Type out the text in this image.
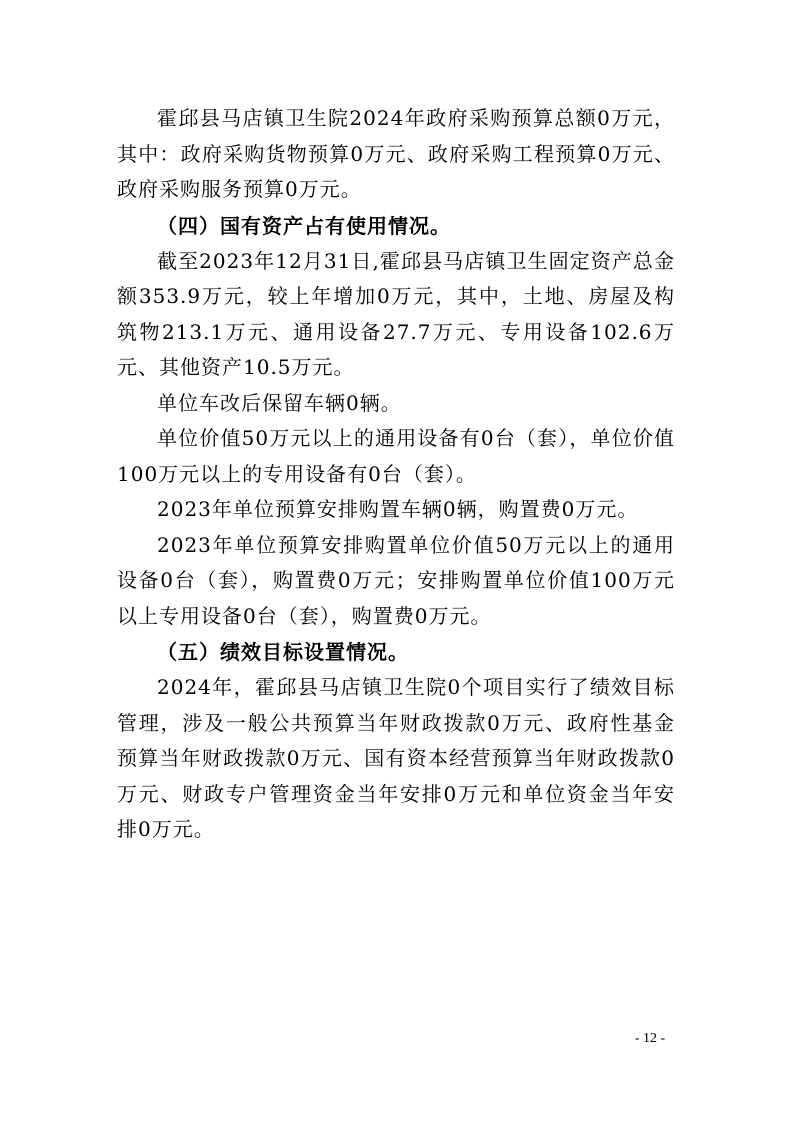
霍邱县马店镇卫生院2024年政府采购预算总额0万元，其中：政府采购货物预算0万元、政府采购工程预算0万元、政府采购服务预算0万元。

（四）国有资产占有使用情况。

截至2023年12月31日,霍邱县马店镇卫生固定资产总金额353.9万元，较上年增加0万元，其中，土地、房屋及构筑物213.1万元、通用设备27.7万元、专用设备102.6万元、其他资产10.5万元。

单位车改后保留车辆0辆。

单位价值50万元以上的通用设备有0台（套），单位价值100万元以上的专用设备有0台（套）。

2023年单位预算安排购置车辆0辆，购置费0万元。

2023年单位预算安排购置单位价值50万元以上的通用设备0台（套），购置费0万元；安排购置单位价值100万元以上专用设备0台（套），购置费0万元。

（五）绩效目标设置情况。

2024年，霍邱县马店镇卫生院0个项目实行了绩效目标管理，涉及一般公共预算当年财政拨款0万元、政府性基金预算当年财政拨款0万元、国有资本经营预算当年财政拨款0万元、财政专户管理资金当年安排0万元和单位资金当年安排0万元。

- 12 -
